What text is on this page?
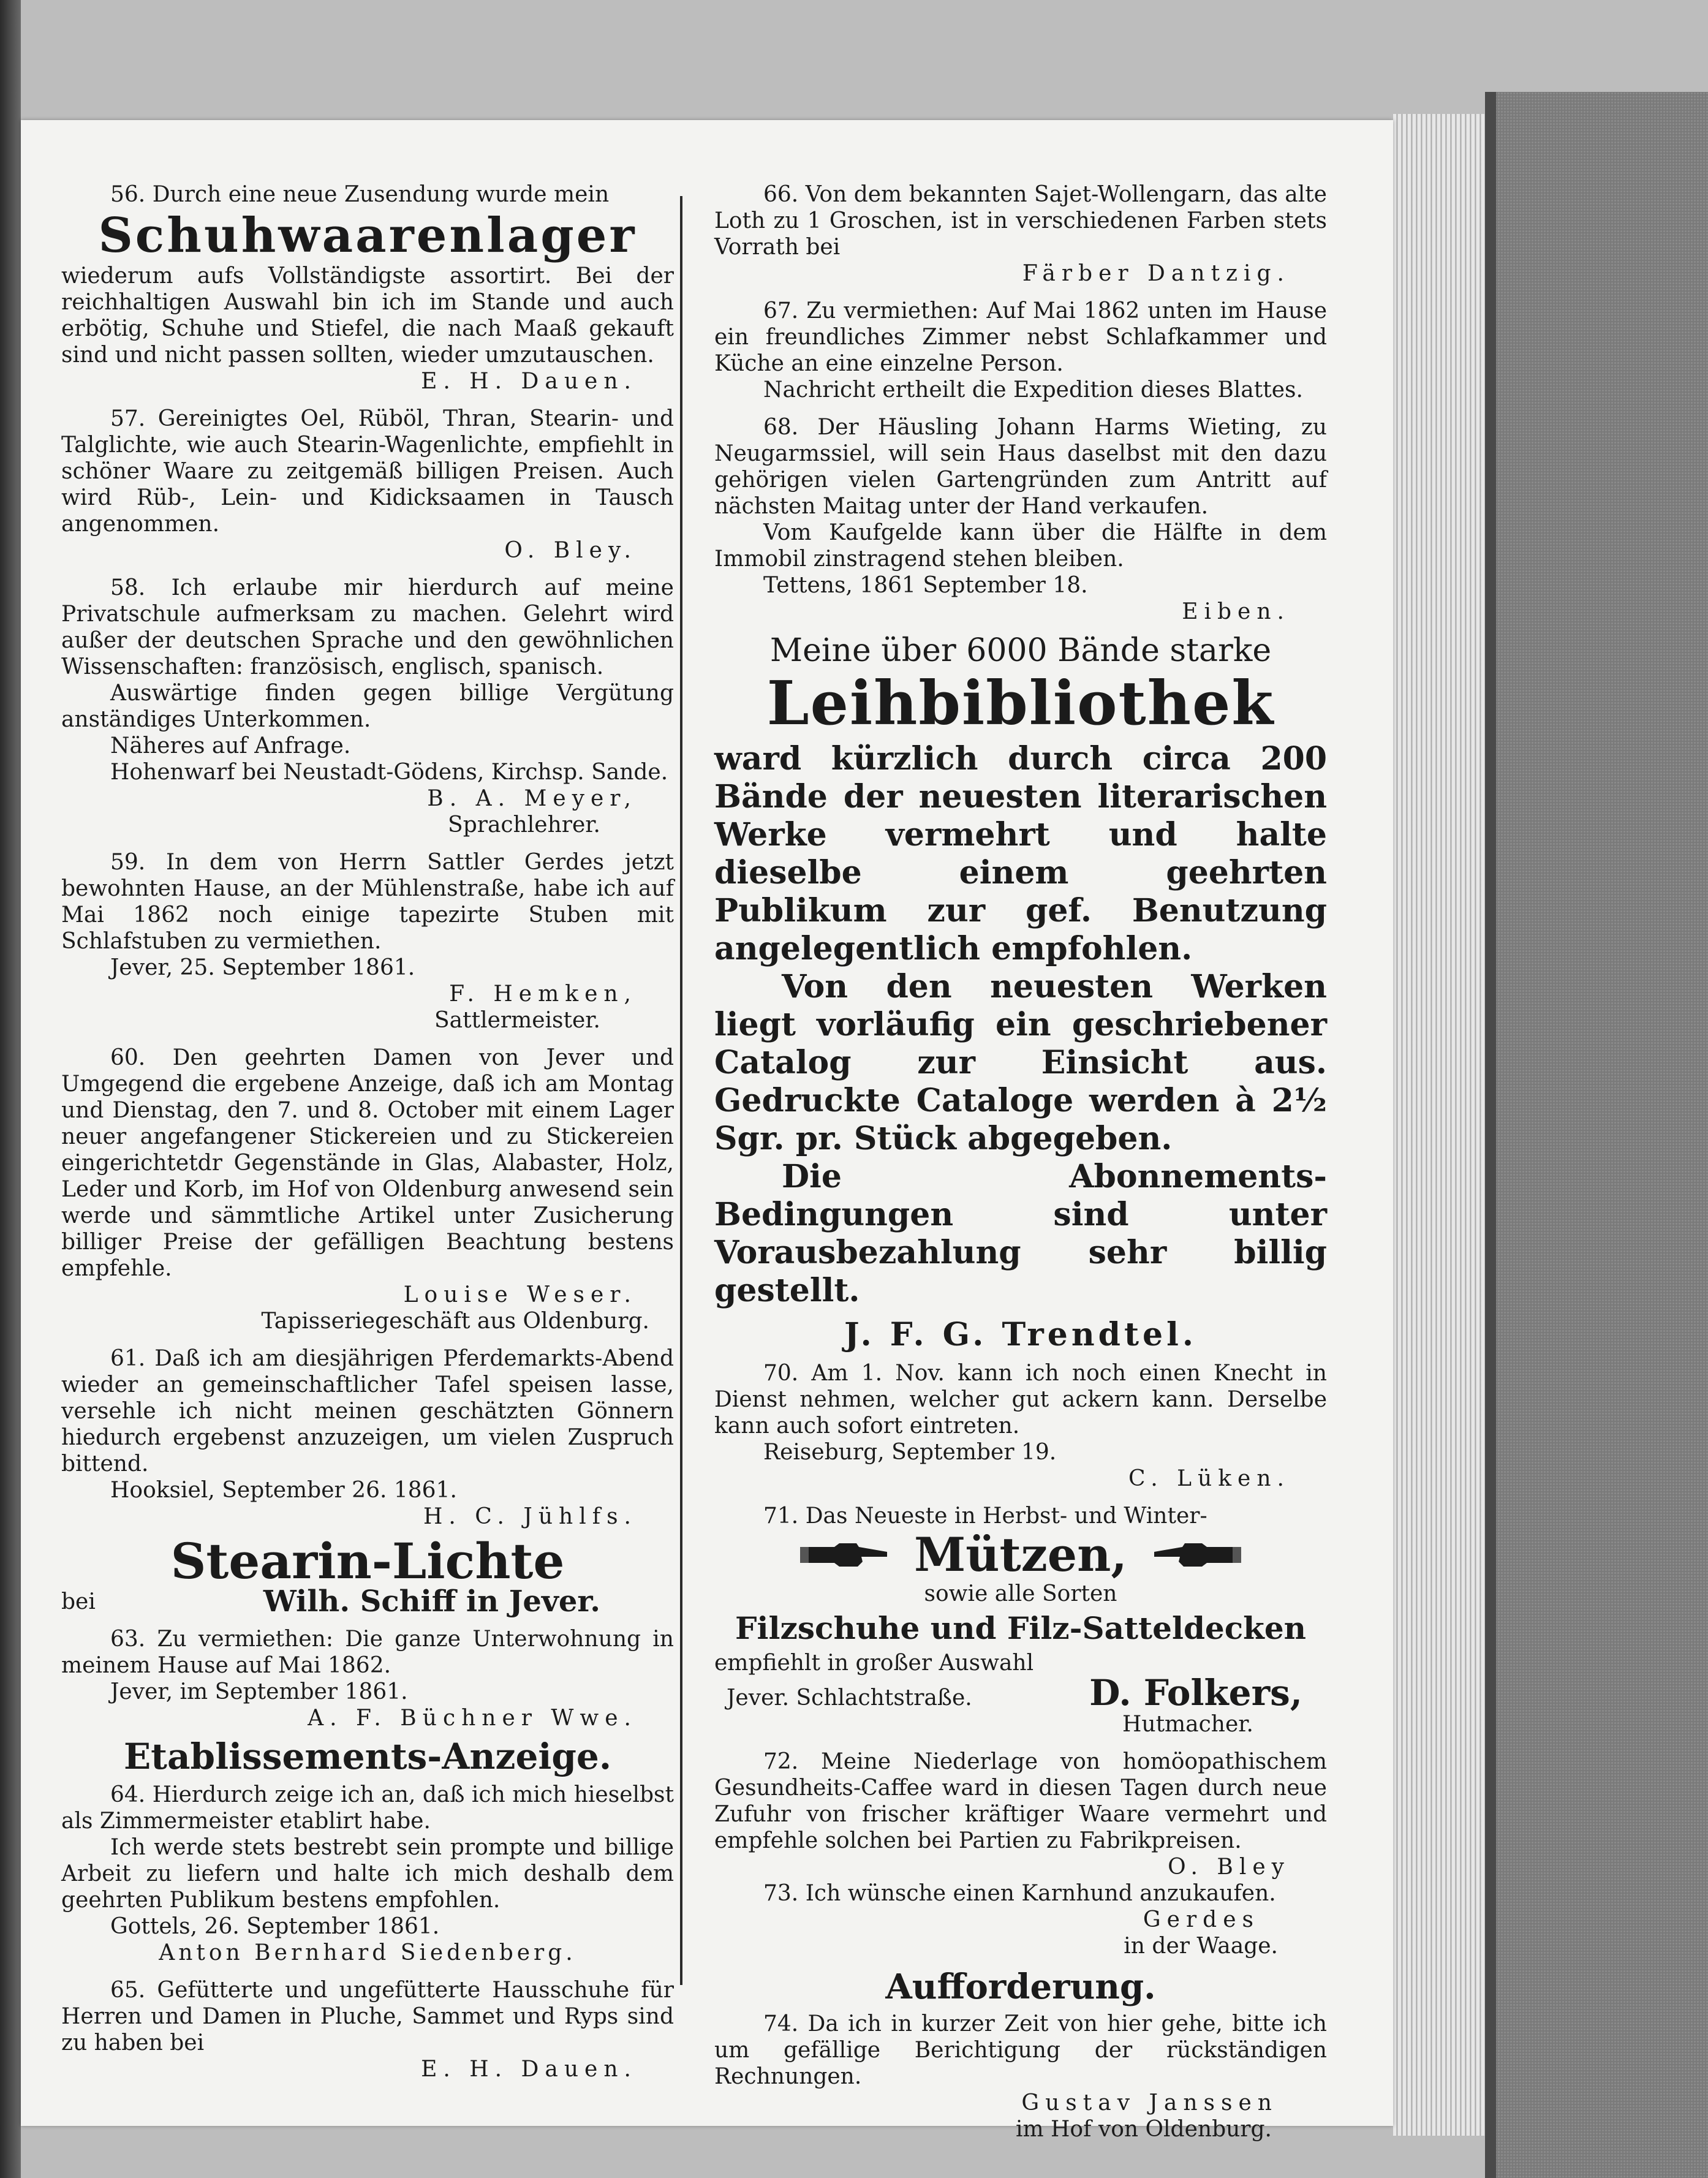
56. Durch eine neue Zusendung wurde mein

Schuhwaarenlager

wiederum aufs Vollständigste assortirt. Bei der reichhaltigen Auswahl bin ich im Stande und auch erbötig, Schuhe und Stiefel, die nach Maaß gekauft sind und nicht passen sollten, wieder umzutauschen.

E. H. Dauen.

57. Gereinigtes Oel, Rüböl, Thran, Stearin- und Talglichte, wie auch Stearin-Wagenlichte, empfiehlt in schöner Waare zu zeitgemäß billigen Preisen. Auch wird Rüb-, Lein- und Kidicksaamen in Tausch angenommen.

O. Bley.

58. Ich erlaube mir hierdurch auf meine Privatschule aufmerksam zu machen. Gelehrt wird außer der deutschen Sprache und den gewöhnlichen Wissenschaften: französisch, englisch, spanisch.

Auswärtige finden gegen billige Vergütung anständiges Unterkommen.

Näheres auf Anfrage.

Hohenwarf bei Neustadt-Gödens, Kirchsp. Sande.

B. A. Meyer,

Sprachlehrer.

59. In dem von Herrn Sattler Gerdes jetzt bewohnten Hause, an der Mühlenstraße, habe ich auf Mai 1862 noch einige tapezirte Stuben mit Schlafstuben zu vermiethen.

Jever, 25. September 1861.

F. Hemken,

Sattlermeister.

60. Den geehrten Damen von Jever und Umgegend die ergebene Anzeige, daß ich am Montag und Dienstag, den 7. und 8. October mit einem Lager neuer angefangener Stickereien und zu Stickereien eingerichtetdr Gegenstände in Glas, Alabaster, Holz, Leder und Korb, im Hof von Oldenburg anwesend sein werde und sämmtliche Artikel unter Zusicherung billiger Preise der gefälligen Beachtung bestens empfehle.

Louise Weser.

Tapisseriegeschäft aus Oldenburg.

61. Daß ich am diesjährigen Pferdemarkts-Abend wieder an gemeinschaftlicher Tafel speisen lasse, versehle ich nicht meinen geschätzten Gönnern hiedurch ergebenst anzuzeigen, um vielen Zuspruch bittend.

Hooksiel, September 26. 1861.

H. C. Jühlfs.

Stearin-Lichte

bei	Wilh. Schiff in Jever.

63. Zu vermiethen: Die ganze Unterwohnung in meinem Hause auf Mai 1862.

Jever, im September 1861.

A. F. Büchner Wwe.

Etablissements-Anzeige.

64. Hierdurch zeige ich an, daß ich mich hieselbst als Zimmermeister etablirt habe.

Ich werde stets bestrebt sein prompte und billige Arbeit zu liefern und halte ich mich deshalb dem geehrten Publikum bestens empfohlen.

Gottels, 26. September 1861.

Anton Bernhard Siedenberg.

65. Gefütterte und ungefütterte Hausschuhe für Herren und Damen in Pluche, Sammet und Ryps sind zu haben bei

E. H. Dauen.

66. Von dem bekannten Sajet-Wollengarn, das alte Loth zu 1 Groschen, ist in verschiedenen Farben stets Vorrath bei

Färber Dantzig.

67. Zu vermiethen: Auf Mai 1862 unten im Hause ein freundliches Zimmer nebst Schlafkammer und Küche an eine einzelne Person.

Nachricht ertheilt die Expedition dieses Blattes.

68. Der Häusling Johann Harms Wieting, zu Neugarmssiel, will sein Haus daselbst mit den dazu gehörigen vielen Gartengründen zum Antritt auf nächsten Maitag unter der Hand verkaufen.

Vom Kaufgelde kann über die Hälfte in dem Immobil zinstragend stehen bleiben.

Tettens, 1861 September 18.

Eiben.

Meine über 6000 Bände starke

Leihbibliothek

ward kürzlich durch circa 200 Bände der neuesten literarischen Werke vermehrt und halte dieselbe einem geehrten Publikum zur gef. Benutzung angelegentlich empfohlen.

Von den neuesten Werken liegt vorläufig ein geschriebener Catalog zur Einsicht aus. Gedruckte Cataloge werden à 2½ Sgr. pr. Stück abgegeben.

Die Abonnements-Bedingungen sind unter Vorausbezahlung sehr billig gestellt.

J. F. G. Trendtel.

70. Am 1. Nov. kann ich noch einen Knecht in Dienst nehmen, welcher gut ackern kann. Derselbe kann auch sofort eintreten.

Reiseburg, September 19.

C. Lüken.

71. Das Neueste in Herbst- und Winter-

Mützen,

sowie alle Sorten

Filzschuhe und Filz-Satteldecken

empfiehlt in großer Auswahl

Jever. Schlachtstraße.	D. Folkers,

Hutmacher.

72. Meine Niederlage von homöopathischem Gesundheits-Caffee ward in diesen Tagen durch neue Zufuhr von frischer kräftiger Waare vermehrt und empfehle solchen bei Partien zu Fabrikpreisen.

O. Bley

73. Ich wünsche einen Karnhund anzukaufen.

Gerdes

in der Waage.

Aufforderung.

74. Da ich in kurzer Zeit von hier gehe, bitte ich um gefällige Berichtigung der rückständigen Rechnungen.

Gustav Janssen

im Hof von Oldenburg.
